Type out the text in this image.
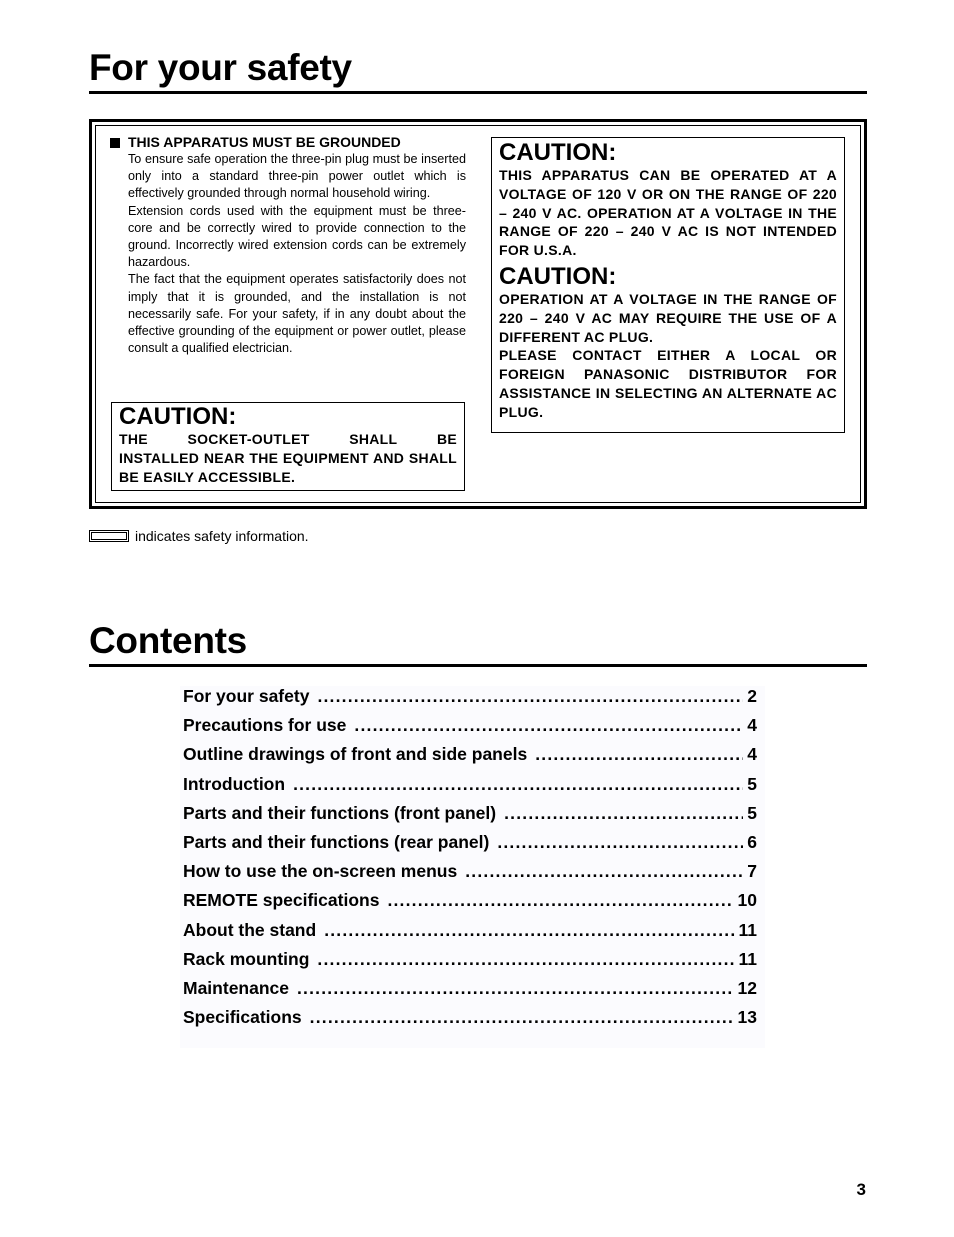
For your safety
THIS APPARATUS MUST BE GROUNDED

To ensure safe operation the three-pin plug must be inserted only into a standard three-pin power outlet which is effectively grounded through normal household wiring.

Extension cords used with the equipment must be three-core and be correctly wired to provide connection to the ground. Incorrectly wired extension cords can be extremely hazardous.

The fact that the equipment operates satisfactorily does not imply that it is grounded, and the installation is not necessarily safe. For your safety, if in any doubt about the effective grounding of the equipment or power outlet, please consult a qualified electrician.

CAUTION:
THE	SOCKET-OUTLET	SHALL	BE

INSTALLED NEAR THE EQUIPMENT AND SHALL BE EASILY ACCESSIBLE.

CAUTION:

THIS APPARATUS CAN BE OPERATED AT A VOLTAGE OF 120 V OR ON THE RANGE OF 220 – 240 V AC. OPERATION AT A VOLTAGE IN THE RANGE OF 220 – 240 V AC IS NOT INTENDED FOR U.S.A.

CAUTION:

OPERATION AT A VOLTAGE IN THE RANGE OF 220 – 240 V AC MAY REQUIRE THE USE OF A DIFFERENT AC PLUG.

PLEASE CONTACT EITHER A LOCAL OR FOREIGN PANASONIC DISTRIBUTOR FOR ASSISTANCE IN SELECTING AN ALTERNATE AC PLUG.

indicates safety information.
Contents
For your safety .....	2
Precautions for use .....	4
Outline drawings of front and side panels .....	4
Introduction .....	5
Parts and their functions (front panel) .....	5
Parts and their functions (rear panel) .....	6
How to use the on-screen menus .....	7
REMOTE specifications .....	10
About the stand .....	11
Rack mounting .....	11
Maintenance .....	12
Specifications .....	13
3
